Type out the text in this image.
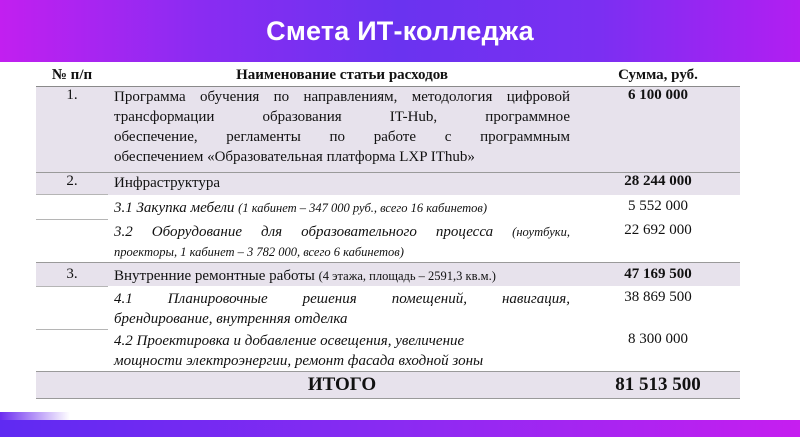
Смета ИТ-колледжа
№ п/п	Наименование статьи расходов	Сумма, руб.
1.	Программа обучения по направлениям, методология цифровой
трансформации образования IT-Hub, программное
обеспечение, регламенты по работе с программным
обеспечением «Образовательная платформа LXP IThub»	6 100 000
2.	Инфраструктура	28 244 000
	3.1 Закупка мебели (1 кабинет – 347 000 руб., всего 16 кабинетов)	5 552 000

	3.2 Оборудование для образовательного процесса (ноутбуки,
проекторы, 1 кабинет – 3 782 000, всего 6 кабинетов)	22 692 000
3.	Внутренние ремонтные работы (4 этажа, площадь – 2591,3 кв.м.)	47 169 500

	4.1 Планировочные решения помещений, навигация,
брендирование, внутренняя отделка	38 869 500

	4.2 Проектировка и добавление освещения, увеличение
мощности электроэнергии, ремонт фасада входной зоны	8 300 000
	ИТОГО	81 513 500
